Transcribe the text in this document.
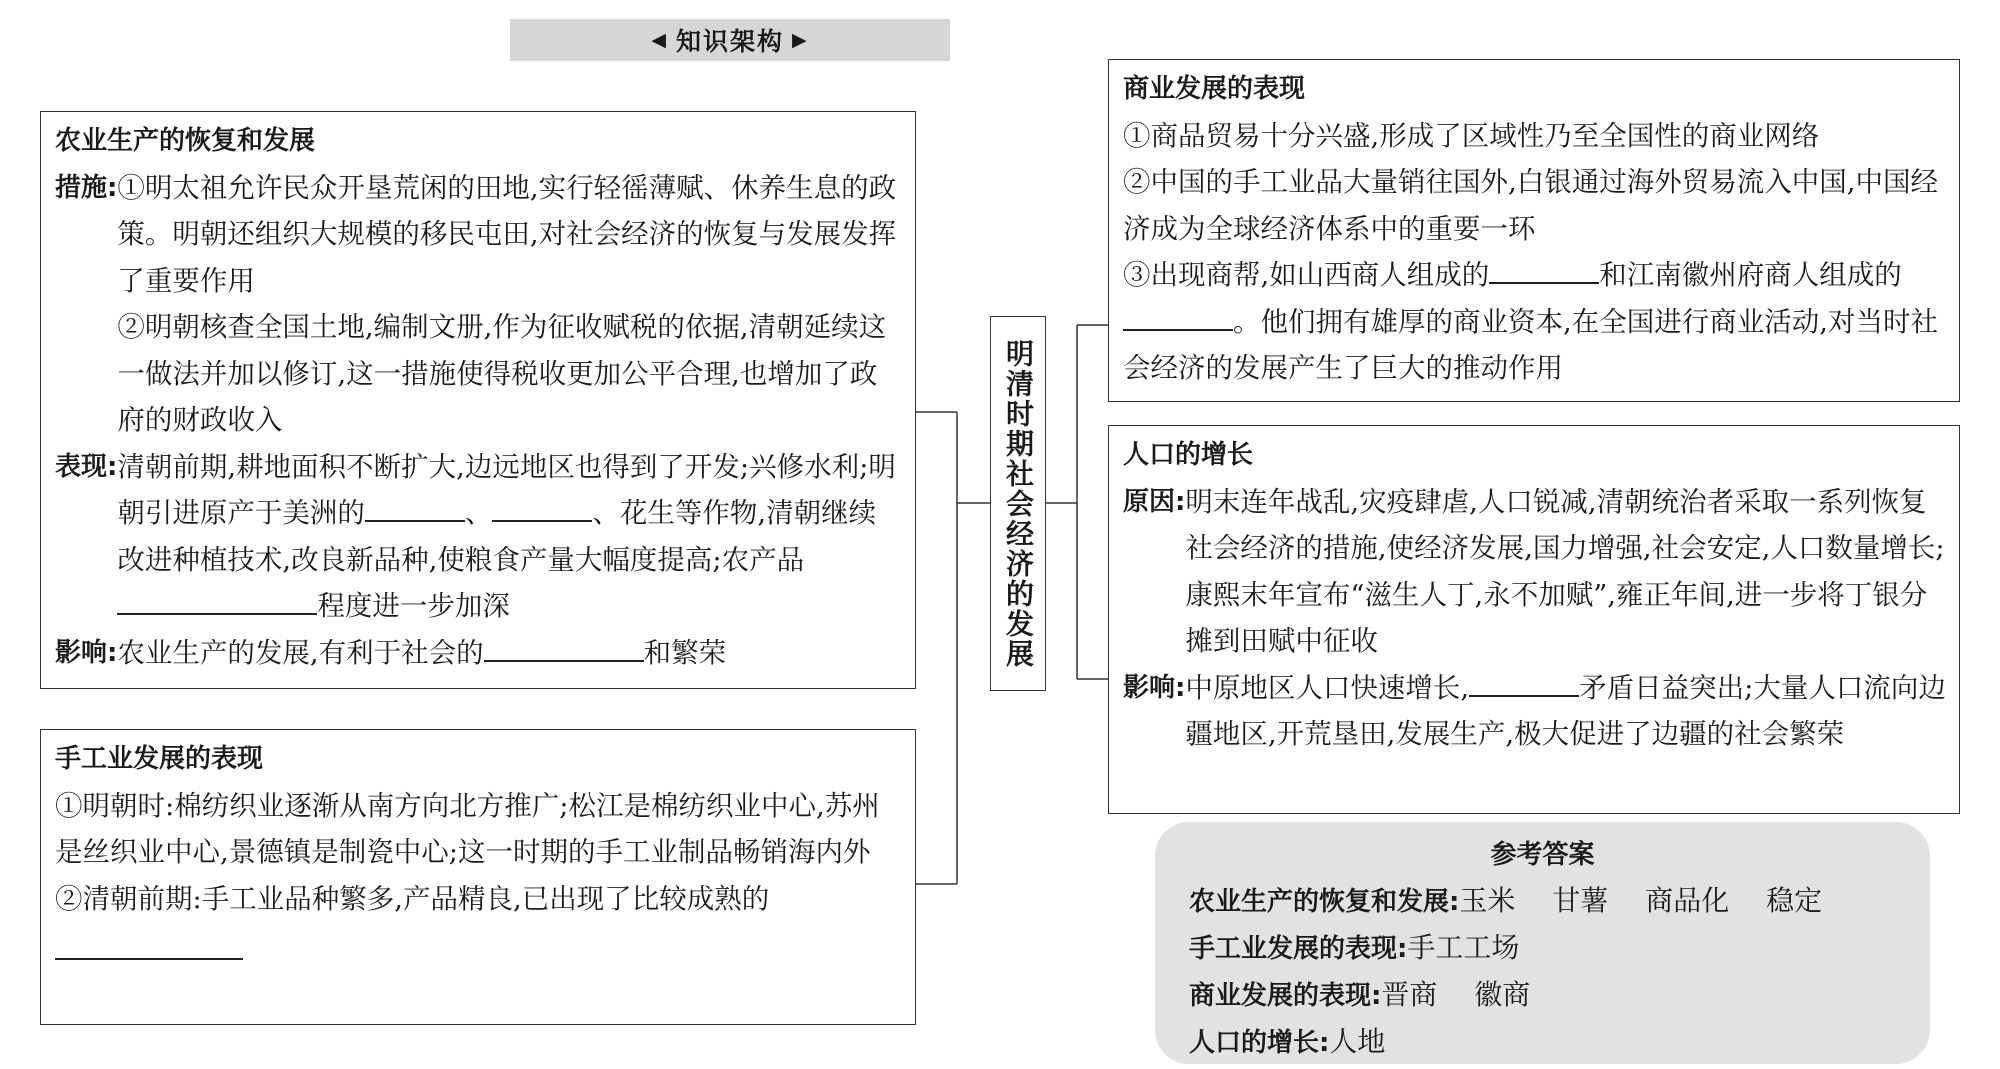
◀ 知识架构 ▶
农业生产的恢复和发展
措施: ①明太祖允许民众开垦荒闲的田地,实行轻徭薄赋、休养生息的政策。明朝还组织大规模的移民屯田,对社会经济的恢复与发展发挥了重要作用
②明朝核查全国土地,编制文册,作为征收赋税的依据,清朝延续这一做法并加以修订,这一措施使得税收更加公平合理,也增加了政府的财政收入
表现: 清朝前期,耕地面积不断扩大,边远地区也得到了开发;兴修水利;明朝引进原产于美洲的	、	、花生等作物,清朝继续改进种植技术,改良新品种,使粮食产量大幅度提高;农产品程度进一步加深
影响: 农业生产的发展,有利于社会的	和繁荣
手工业发展的表现
①明朝时:棉纺织业逐渐从南方向北方推广;松江是棉纺织业中心,苏州是丝织业中心,景德镇是制瓷中心;这一时期的手工业制品畅销海内外
②清朝前期:手工业品种繁多,产品精良,已出现了比较成熟的
明清时期社会经济的发展
商业发展的表现
①商品贸易十分兴盛,形成了区域性乃至全国性的商业网络
②中国的手工业品大量销往国外,白银通过海外贸易流入中国,中国经济成为全球经济体系中的重要一环
③出现商帮,如山西商人组成的	和江南徽州府商人组成的。他们拥有雄厚的商业资本,在全国进行商业活动,对当时社会经济的发展产生了巨大的推动作用
人口的增长
原因: 明末连年战乱,灾疫肆虐,人口锐减,清朝统治者采取一系列恢复社会经济的措施,使经济发展,国力增强,社会安定,人口数量增长;康熙末年宣布“滋生人丁,永不加赋”,雍正年间,进一步将丁银分摊到田赋中征收
影响: 中原地区人口快速增长,	矛盾日益突出;大量人口流向边疆地区,开荒垦田,发展生产,极大促进了边疆的社会繁荣
参考答案
农业生产的恢复和发展:玉米 甘薯 商品化 稳定
手工业发展的表现:手工工场
商业发展的表现:晋商 徽商
人口的增长:人地
